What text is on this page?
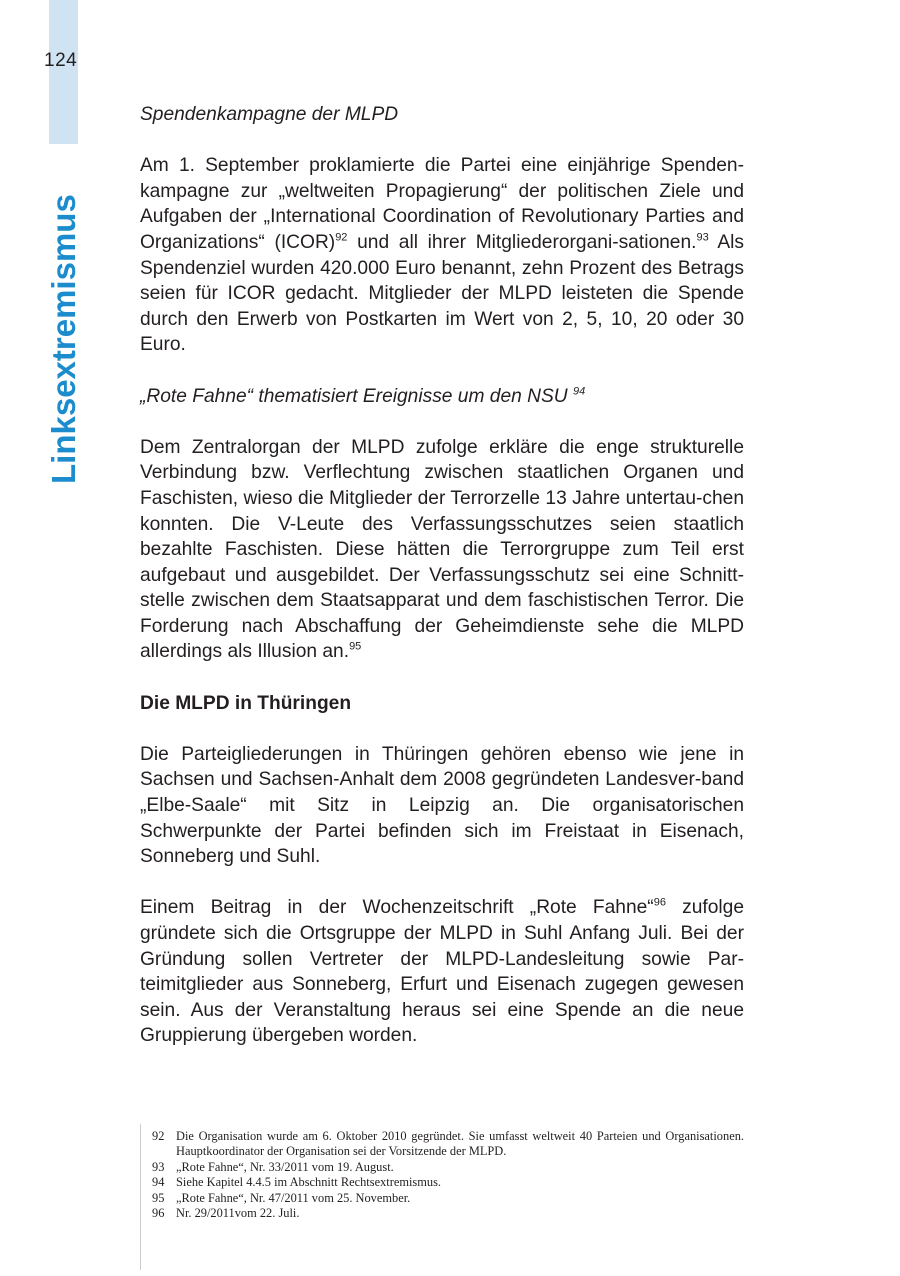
124
Linksextremismus

Spendenkampagne der MLPD

Am 1. September proklamierte die Partei eine einjährige Spenden-kampagne zur „weltweiten Propagierung“ der politischen Ziele und Aufgaben der „International Coordination of Revolutionary Parties and Organizations“ (ICOR)$^{92}$ und all ihrer Mitgliederorgani-sationen.$^{93}$ Als Spendenziel wurden 420.000 Euro benannt, zehn Prozent des Betrags seien für ICOR gedacht. Mitglieder der MLPD leisteten die Spende durch den Erwerb von Postkarten im Wert von 2, 5, 10, 20 oder 30 Euro.

„Rote Fahne“ thematisiert Ereignisse um den NSU $^{94}$

Dem Zentralorgan der MLPD zufolge erkläre die enge strukturelle Verbindung bzw. Verflechtung zwischen staatlichen Organen und Faschisten, wieso die Mitglieder der Terrorzelle 13 Jahre untertau-chen konnten. Die V-Leute des Verfassungsschutzes seien staatlich bezahlte Faschisten. Diese hätten die Terrorgruppe zum Teil erst aufgebaut und ausgebildet. Der Verfassungsschutz sei eine Schnitt-stelle zwischen dem Staatsapparat und dem faschistischen Terror. Die Forderung nach Abschaffung der Geheimdienste sehe die MLPD allerdings als Illusion an.$^{95}$

Die MLPD in Thüringen

Die Parteigliederungen in Thüringen gehören ebenso wie jene in Sachsen und Sachsen-Anhalt dem 2008 gegründeten Landesver-band „Elbe-Saale“ mit Sitz in Leipzig an. Die organisatorischen Schwerpunkte der Partei befinden sich im Freistaat in Eisenach, Sonneberg und Suhl.

Einem Beitrag in der Wochenzeitschrift „Rote Fahne“$^{96}$ zufolge gründete sich die Ortsgruppe der MLPD in Suhl Anfang Juli. Bei der Gründung sollen Vertreter der MLPD-Landesleitung sowie Par-teimitglieder aus Sonneberg, Erfurt und Eisenach zugegen gewesen sein. Aus der Veranstaltung heraus sei eine Spende an die neue Gruppierung übergeben worden.

92 Die Organisation wurde am 6. Oktober 2010 gegründet. Sie umfasst weltweit 40 Parteien und Organisationen. Hauptkoordinator der Organisation sei der Vorsitzende der MLPD.
93 „Rote Fahne“, Nr. 33/2011 vom 19. August.
94 Siehe Kapitel 4.4.5 im Abschnitt Rechtsextremismus.
95 „Rote Fahne“, Nr. 47/2011 vom 25. November.
96 Nr. 29/2011vom 22. Juli.
